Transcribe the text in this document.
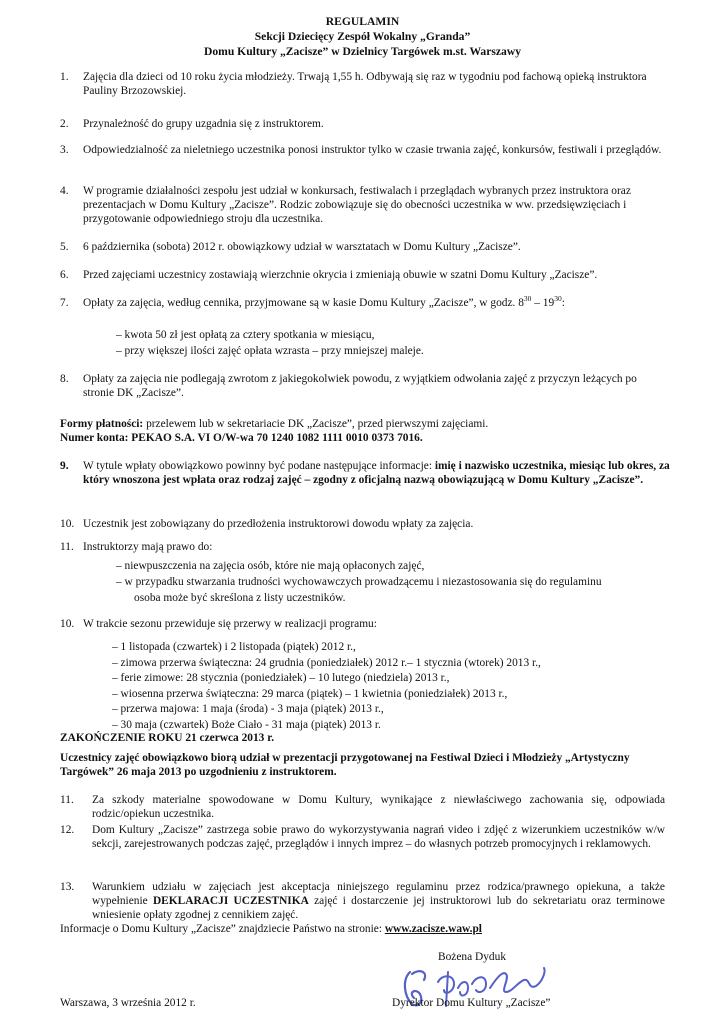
REGULAMIN
Sekcji Dziecięcy Zespół Wokalny „Granda”
Domu Kultury „Zacisze” w Dzielnicy Targówek m.st. Warszawy
1. Zajęcia dla dzieci od 10 roku życia młodzieży. Trwają 1,55 h. Odbywają się raz w tygodniu pod fachową opieką instruktora Pauliny Brzozowskiej.
2. Przynależność do grupy uzgadnia się z instruktorem.
3. Odpowiedzialność za nieletniego uczestnika ponosi instruktor tylko w czasie trwania zajęć, konkursów, festiwali i przeglądów.
4. W programie działalności zespołu jest udział w konkursach, festiwalach i przeglądach wybranych przez instruktora oraz prezentacjach w Domu Kultury „Zacisze”. Rodzic zobowiązuje się do obecności uczestnika w ww. przedsięwzięciach i przygotowanie odpowiedniego stroju dla uczestnika.
5. 6 października (sobota) 2012 r. obowiązkowy udział w warsztatach w Domu Kultury „Zacisze”.
6. Przed zajęciami uczestnicy zostawiają wierzchnie okrycia i zmieniają obuwie w szatni Domu Kultury „Zacisze”.
7. Opłaty za zajęcia, według cennika, przyjmowane są w kasie Domu Kultury „Zacisze”, w godz. $8^{30} - 19^{30}$:
– kwota 50 zł jest opłatą za cztery spotkania w miesiącu,
– przy większej ilości zajęć opłata wzrasta – przy mniejszej maleje.
8. Opłaty za zajęcia nie podlegają zwrotom z jakiegokolwiek powodu, z wyjątkiem odwołania zajęć z przyczyn leżących po stronie DK „Zacisze”.
Formy płatności: przelewem lub w sekretariacie DK „Zacisze”, przed pierwszymi zajęciami.
Numer konta: PEKAO S.A. VI O/W-wa 70 1240 1082 1111 0010 0373 7016.
9. W tytule wpłaty obowiązkowo powinny być podane następujące informacje: imię i nazwisko uczestnika, miesiąc lub okres, za który wnoszona jest wpłata oraz rodzaj zajęć – zgodny z oficjalną nazwą obowiązującą w Domu Kultury „Zacisze”.
10. Uczestnik jest zobowiązany do przedłożenia instruktorowi dowodu wpłaty za zajęcia.
11. Instruktorzy mają prawo do:
– niewpuszczenia na zajęcia osób, które nie mają opłaconych zajęć,
– w przypadku stwarzania trudności wychowawczych prowadzącemu i niezastosowania się do regulaminu
osoba może być skreślona z listy uczestników.
10. W trakcie sezonu przewiduje się przerwy w realizacji programu:
– 1 listopada (czwartek) i 2 listopada (piątek) 2012 r.,
– zimowa przerwa świąteczna: 24 grudnia (poniedziałek) 2012 r.– 1 stycznia (wtorek) 2013 r.,
– ferie zimowe: 28 stycznia (poniedziałek) – 10 lutego (niedziela) 2013 r.,
– wiosenna przerwa świąteczna: 29 marca (piątek) – 1 kwietnia (poniedziałek) 2013 r.,
– przerwa majowa: 1 maja (środa) - 3 maja (piątek) 2013 r.,
– 30 maja (czwartek) Boże Ciało - 31 maja (piątek) 2013 r.
ZAKOŃCZENIE ROKU 21 czerwca 2013 r.
Uczestnicy zajęć obowiązkowo biorą udział w prezentacji przygotowanej na Festiwal Dzieci i Młodzieży „Artystyczny Targówek” 26 maja 2013 po uzgodnieniu z instruktorem.
11. Za szkody materialne spowodowane w Domu Kultury, wynikające z niewłaściwego zachowania się, odpowiada rodzic/opiekun uczestnika.
12. Dom Kultury „Zacisze” zastrzega sobie prawo do wykorzystywania nagrań video i zdjęć z wizerunkiem uczestników w/w sekcji, zarejestrowanych podczas zajęć, przeglądów i innych imprez – do własnych potrzeb promocyjnych i reklamowych.
13. Warunkiem udziału w zajęciach jest akceptacja niniejszego regulaminu przez rodzica/prawnego opiekuna, a także wypełnienie DEKLARACJI UCZESTNIKA zajęć i dostarczenie jej instruktorowi lub do sekretariatu oraz terminowe wniesienie opłaty zgodnej z cennikiem zajęć.
Informacje o Domu Kultury „Zacisze” znajdziecie Państwo na stronie: www.zacisze.waw.pl
Bożena Dyduk
Warszawa, 3 września 2012 r.	Dyrektor Domu Kultury „Zacisze”
